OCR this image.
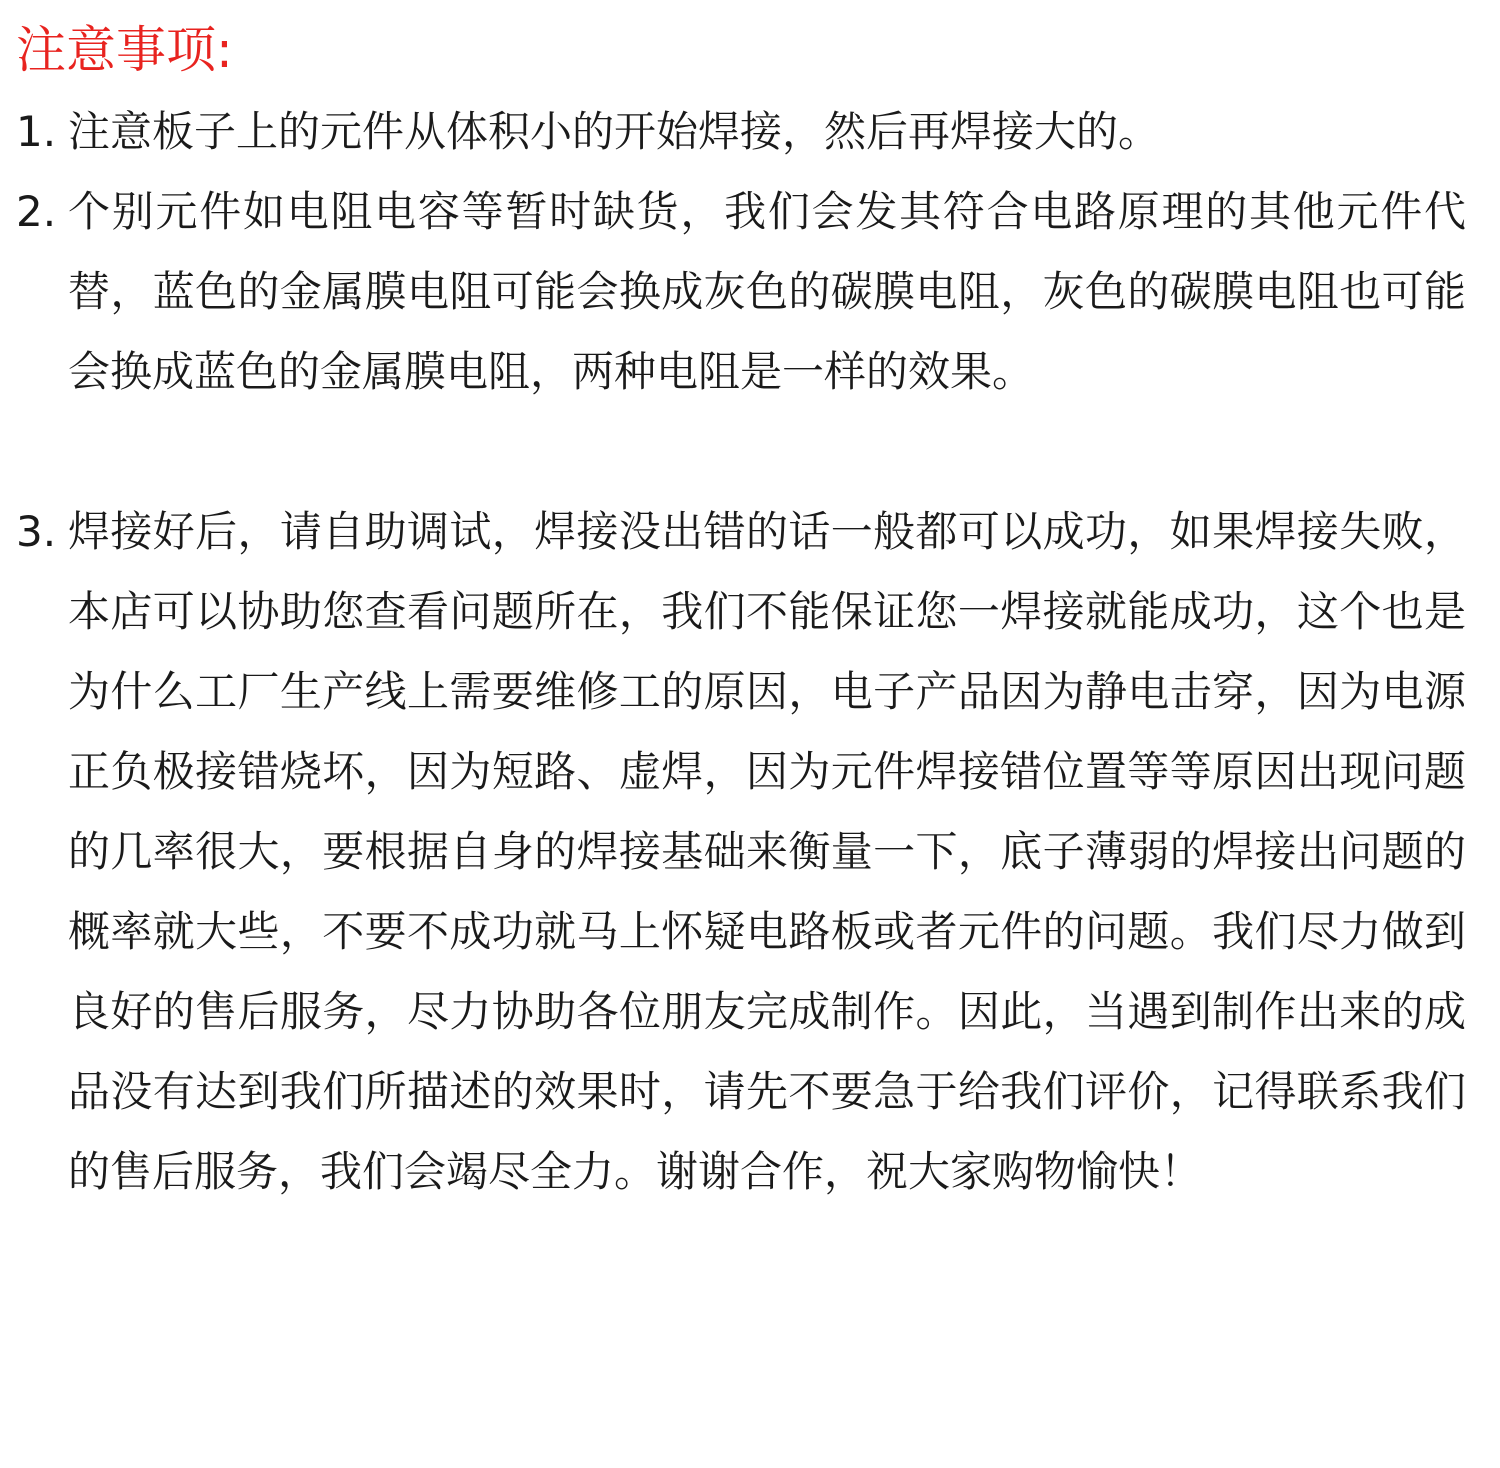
注意事项:
1. 注意板子上的元件从体积小的开始焊接，然后再焊接大的。
2. 个别元件如电阻电容等暂时缺货，我们会发其符合电路原理的其他元件代替，蓝色的金属膜电阻可能会换成灰色的碳膜电阻，灰色的碳膜电阻也可能会换成蓝色的金属膜电阻，两种电阻是一样的效果。
3. 焊接好后，请自助调试，焊接没出错的话一般都可以成功，如果焊接失败，本店可以协助您查看问题所在，我们不能保证您一焊接就能成功，这个也是为什么工厂生产线上需要维修工的原因，电子产品因为静电击穿，因为电源正负极接错烧坏，因为短路、虚焊，因为元件焊接错位置等等原因出现问题的几率很大，要根据自身的焊接基础来衡量一下，底子薄弱的焊接出问题的概率就大些，不要不成功就马上怀疑电路板或者元件的问题。我们尽力做到良好的售后服务，尽力协助各位朋友完成制作。因此，当遇到制作出来的成品没有达到我们所描述的效果时，请先不要急于给我们评价，记得联系我们的售后服务，我们会竭尽全力。谢谢合作，祝大家购物愉快！
